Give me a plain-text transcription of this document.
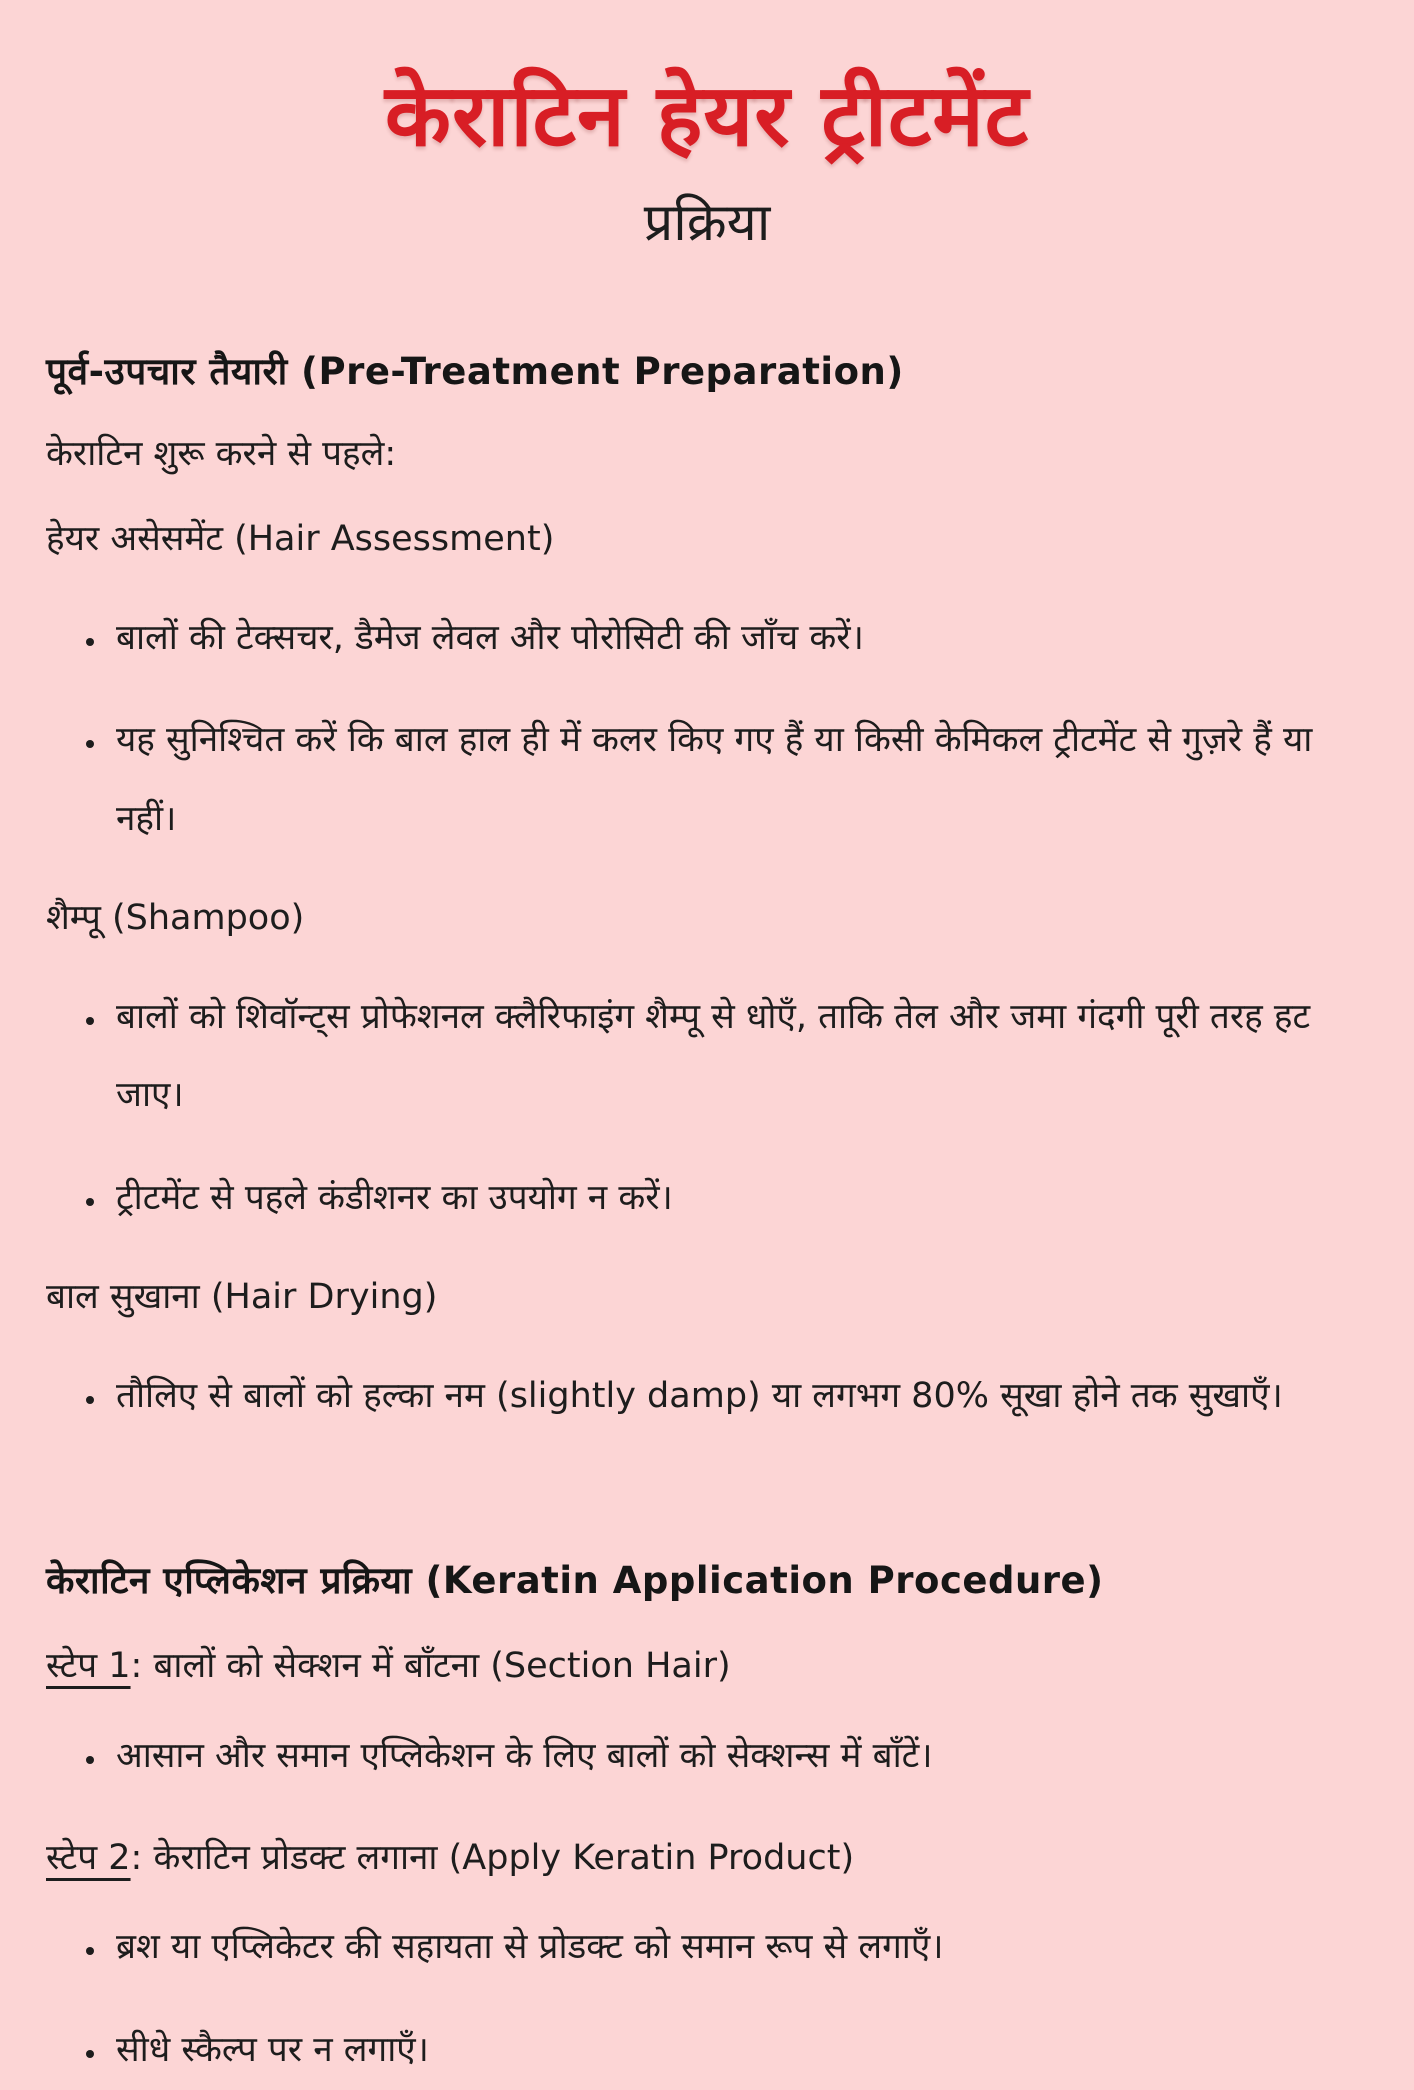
केराटिन हेयर ट्रीटमेंट
प्रक्रिया
पूर्व-उपचार तैयारी (Pre-Treatment Preparation)

केराटिन शुरू करने से पहले:

हेयर असेसमेंट (Hair Assessment)

• बालों की टेक्सचर, डैमेज लेवल और पोरोसिटी की जाँच करें।
• यह सुनिश्चित करें कि बाल हाल ही में कलर किए गए हैं या किसी केमिकल ट्रीटमेंट से गुज़रे हैं या नहीं।

शैम्पू (Shampoo)

• बालों को शिवॉन्ट्स प्रोफेशनल क्लैरिफाइंग शैम्पू से धोएँ, ताकि तेल और जमा गंदगी पूरी तरह हट जाए।
• ट्रीटमेंट से पहले कंडीशनर का उपयोग न करें।

बाल सुखाना (Hair Drying)

• तौलिए से बालों को हल्का नम (slightly damp) या लगभग 80% सूखा होने तक सुखाएँ।
केराटिन एप्लिकेशन प्रक्रिया (Keratin Application Procedure)

स्टेप 1: बालों को सेक्शन में बाँटना (Section Hair)

• आसान और समान एप्लिकेशन के लिए बालों को सेक्शन्स में बाँटें।

स्टेप 2: केराटिन प्रोडक्ट लगाना (Apply Keratin Product)

• ब्रश या एप्लिकेटर की सहायता से प्रोडक्ट को समान रूप से लगाएँ।
• सीधे स्कैल्प पर न लगाएँ।
